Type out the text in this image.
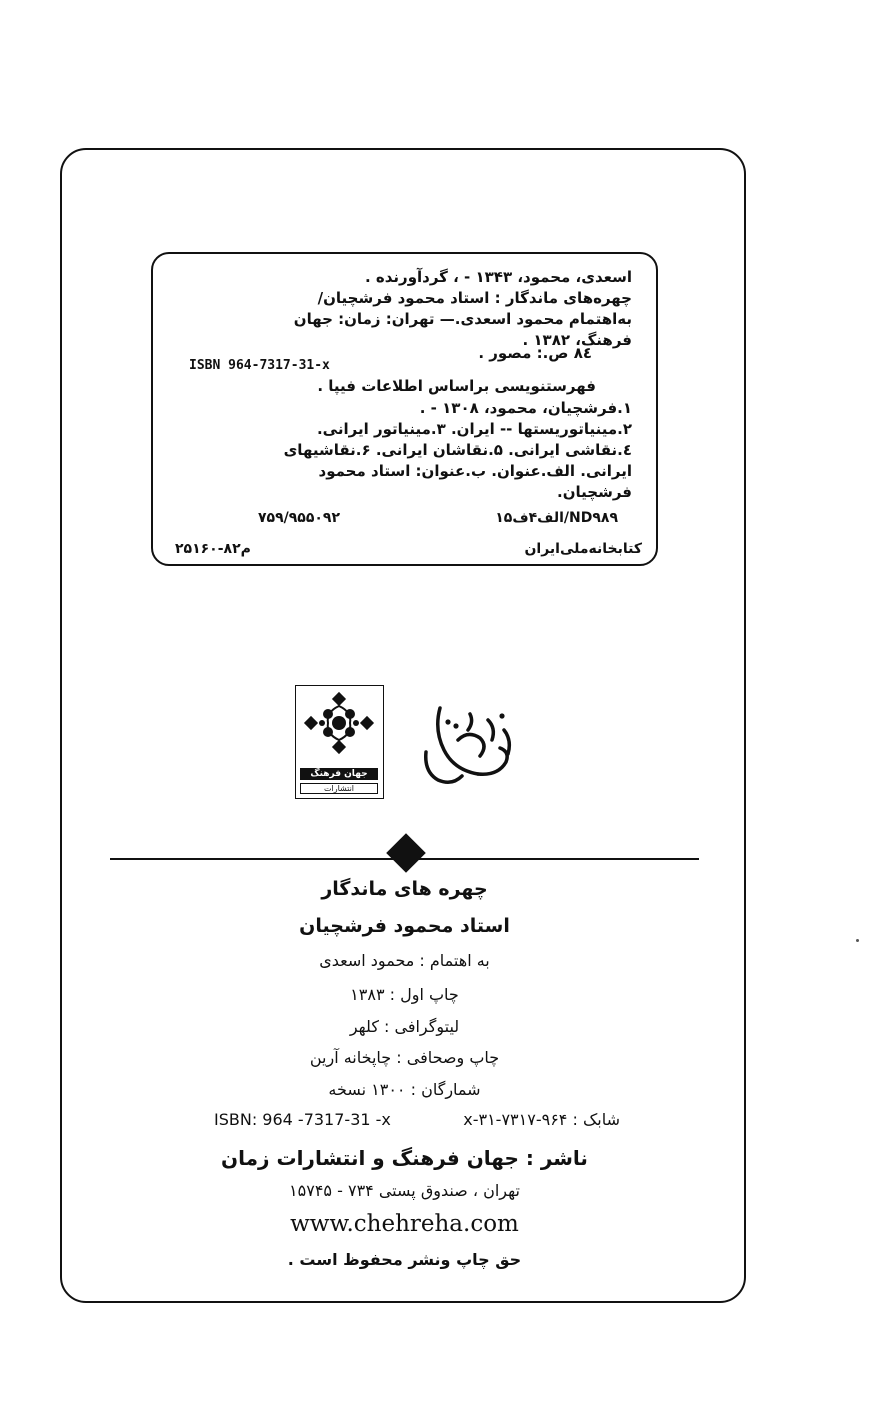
اسعدی، محمود، ۱۳۴۳ - ، گردآورنده .
چهره‌های ماندگار : استاد محمود فرشچیان/
به‌اهتمام محمود اسعدی.— تهران: زمان: جهان
فرهنگ، ۱۳۸۲ .
۸٤ ص.: مصور .
ISBN 964-7317-31-x
فهرستنویسی براساس اطلاعات فیپا .
۱.فرشچیان، محمود، ۱۳۰۸ - .
۲.مینیاتوریستها -- ایران. ۳.مینیاتور ایرانی.
٤.نقاشی ایرانی. ۵.نقاشان ایرانی. ۶.نقاشیهای
ایرانی. الف.عنوان. ب.عنوان: استاد محمود
فرشچیان.
۱۵الف۴ف/ND۹۸۹
۷۵۹/۹۵۵۰۹۲
کتابخانه‌ملی‌ایران
م۸۲-۲۵۱۶۰
جهان فرهنگ
انتشارات
چهره های ماندگار
استاد محمود فرشچیان
به اهتمام : محمود اسعدی
چاپ اول : ۱۳۸۳
لیتوگرافی : کلهر
چاپ وصحافی : چاپخانه آرین
شمارگان : ۱۳۰۰ نسخه
ISBN: 964 -7317-31 -x	شابک : ۹۶۴-۷۳۱۷-۳۱-x
ناشر : جهان فرهنگ و انتشارات زمان
تهران ، صندوق پستی ۷۳۴ - ۱۵۷۴۵
www.chehreha.com
حق چاپ ونشر محفوظ است .
